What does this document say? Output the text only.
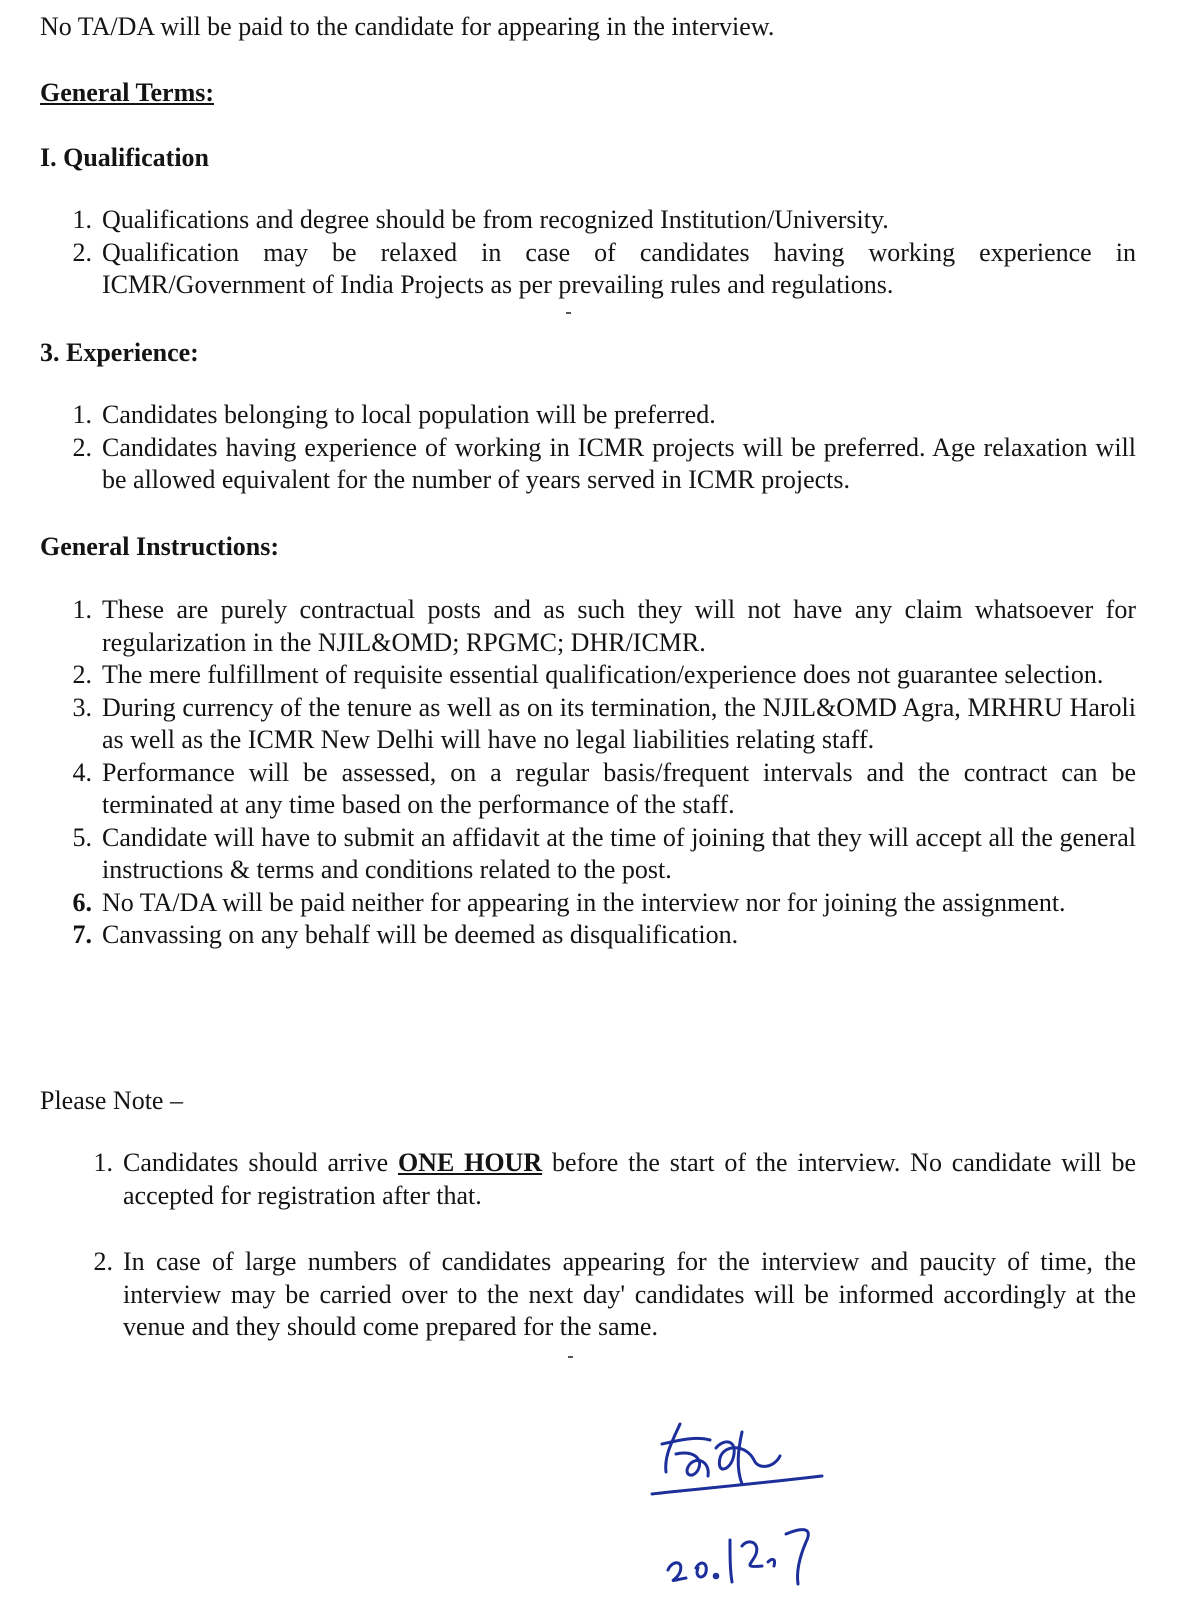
No TA/DA will be paid to the candidate for appearing in the interview.

General Terms:

I. Qualification

1. Qualifications and degree should be from recognized Institution/University.
2. Qualification may be relaxed in case of candidates having working experience in ICMR/Government of India Projects as per prevailing rules and regulations.

3. Experience:

1. Candidates belonging to local population will be preferred.
2. Candidates having experience of working in ICMR projects will be preferred. Age relaxation will be allowed equivalent for the number of years served in ICMR projects.

General Instructions:

1. These are purely contractual posts and as such they will not have any claim whatsoever for regularization in the NJIL&OMD; RPGMC; DHR/ICMR.
2. The mere fulfillment of requisite essential qualification/experience does not guarantee selection.
3. During currency of the tenure as well as on its termination, the NJIL&OMD Agra, MRHRU Haroli as well as the ICMR New Delhi will have no legal liabilities relating staff.
4. Performance will be assessed, on a regular basis/frequent intervals and the contract can be terminated at any time based on the performance of the staff.
5. Candidate will have to submit an affidavit at the time of joining that they will accept all the general instructions & terms and conditions related to the post.
6. No TA/DA will be paid neither for appearing in the interview nor for joining the assignment.
7. Canvassing on any behalf will be deemed as disqualification.

Please Note –

1. Candidates should arrive ONE HOUR before the start of the interview. No candidate will be accepted for registration after that.
2. In case of large numbers of candidates appearing for the interview and paucity of time, the interview may be carried over to the next day' candidates will be informed accordingly at the venue and they should come prepared for the same.
